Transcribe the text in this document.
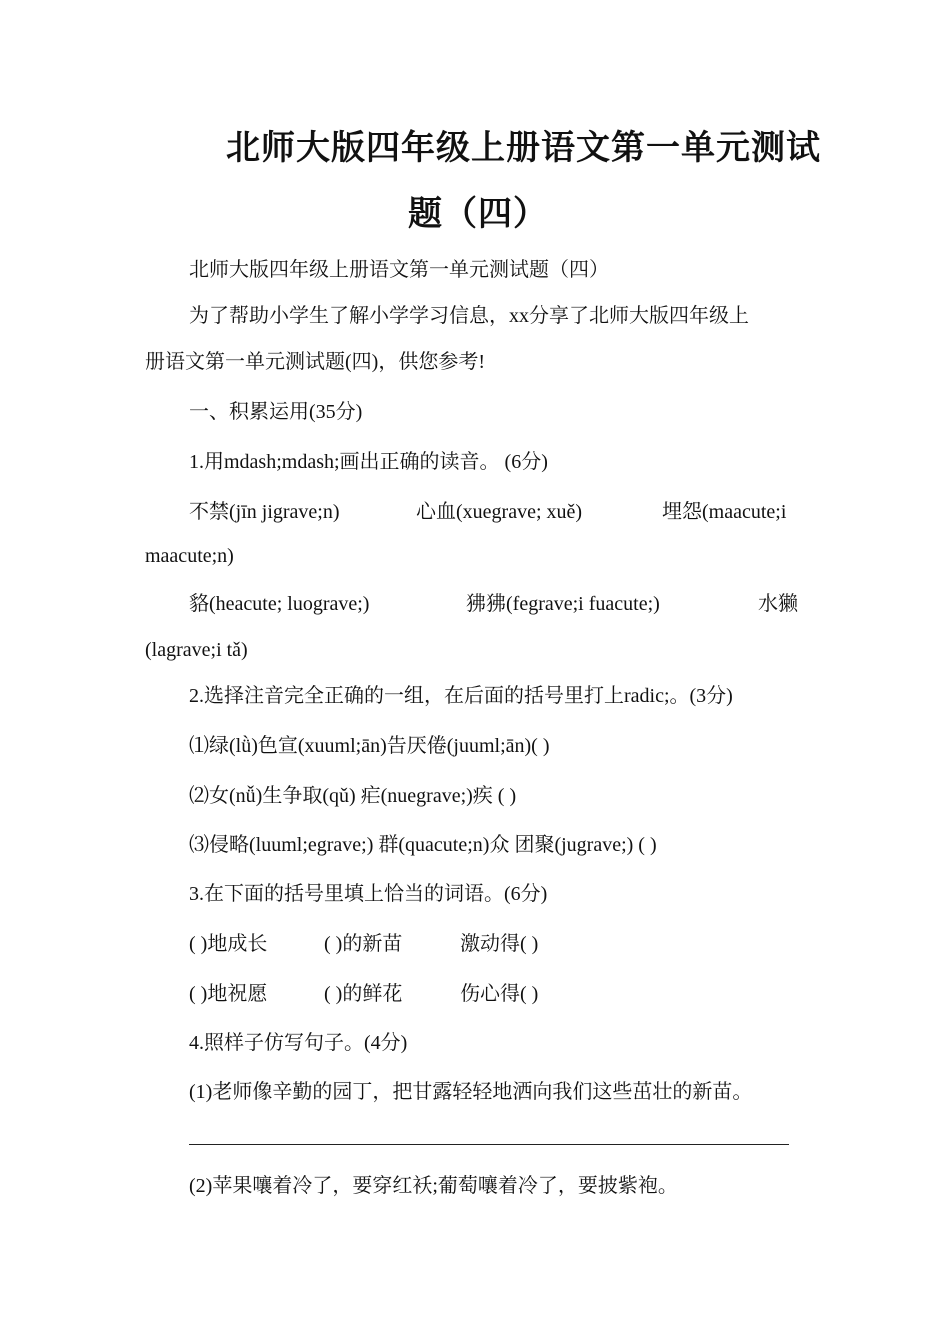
北师大版四年级上册语文第一单元测试
题（四）

北师大版四年级上册语文第一单元测试题（四）

为了帮助小学生了解小学学习信息，xx分享了北师大版四年级上

册语文第一单元测试题(四)，供您参考!

一、积累运用(35分)

1.用mdash;mdash;画出正确的读音。 (6分)

不禁(jīn jigrave;n)	心血(xuegrave; xuě)	埋怨(maacute;i

maacute;n)

貉(heacute; luograve;)	狒狒(fegrave;i fuacute;)	水獭

(lagrave;i tǎ)

2.选择注音完全正确的一组，在后面的括号里打上radic;。(3分)

⑴绿(lǜ)色宣(xuuml;ān)告厌倦(juuml;ān)( )

⑵女(nǚ)生争取(qǔ) 疟(nuegrave;)疾 ( )

⑶侵略(luuml;egrave;) 群(quacute;n)众 团聚(jugrave;) ( )

3.在下面的括号里填上恰当的词语。(6分)

( )地成长	( )的新苗	激动得( )
( )地祝愿	( )的鲜花	伤心得( )

4.照样子仿写句子。(4分)

(1)老师像辛勤的园丁，把甘露轻轻地洒向我们这些茁壮的新苗。

(2)苹果嚷着冷了，要穿红袄;葡萄嚷着冷了，要披紫袍。
